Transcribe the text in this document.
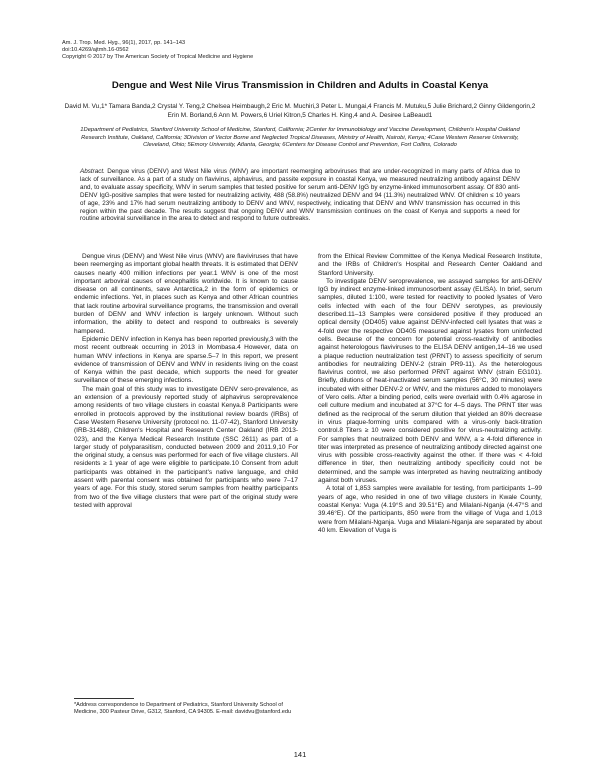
Am. J. Trop. Med. Hyg., 96(1), 2017, pp. 141–143
doi:10.4269/ajtmh.16-0562
Copyright © 2017 by The American Society of Tropical Medicine and Hygiene
Dengue and West Nile Virus Transmission in Children and Adults in Coastal Kenya
David M. Vu,1* Tamara Banda,2 Crystal Y. Teng,2 Chelsea Heimbaugh,2 Eric M. Muchiri,3 Peter L. Mungai,4 Francis M. Mutuku,5 Julie Brichard,2 Ginny Gildengorin,2 Erin M. Borland,6 Ann M. Powers,6 Uriel Kitron,5 Charles H. King,4 and A. Desiree LaBeaud1
1Department of Pediatrics, Stanford University School of Medicine, Stanford, California; 2Center for Immunobiology and Vaccine Development, Children's Hospital Oakland Research Institute, Oakland, California; 3Division of Vector Borne and Neglected Tropical Diseases, Ministry of Health, Nairobi, Kenya; 4Case Western Reserve University, Cleveland, Ohio; 5Emory University, Atlanta, Georgia; 6Centers for Disease Control and Prevention, Fort Collins, Colorado
Abstract. Dengue virus (DENV) and West Nile virus (WNV) are important reemerging arboviruses that are under-recognized in many parts of Africa due to lack of surveillance. As a part of a study on flavivirus, alphavirus, and passite exposure in coastal Kenya, we measured neutralizing antibody against DENV and, to evaluate assay specificity, WNV in serum samples that tested positive for serum anti-DENV IgG by enzyme-linked immunosorbent assay. Of 830 anti-DENV IgG-positive samples that were tested for neutralizing activity, 488 (58.8%) neutralized DENV and 94 (11.3%) neutralized WNV. Of children ≤ 10 years of age, 23% and 17% had serum neutralizing antibody to DENV and WNV, respectively, indicating that DENV and WNV transmission has occurred in this region within the past decade. The results suggest that ongoing DENV and WNV transmission continues on the coast of Kenya and supports a need for routine arboviral surveillance in the area to detect and respond to future outbreaks.

Dengue virus (DENV) and West Nile virus (WNV) are flaviviruses that have been reemerging as important global health threats. It is estimated that DENV causes nearly 400 million infections per year.1 WNV is one of the most important arboviral causes of encephalitis worldwide. It is known to cause disease on all continents, save Antarctica,2 in the form of epidemics or endemic infections. Yet, in places such as Kenya and other African countries that lack routine arboviral surveillance programs, the transmission and overall burden of DENV and WNV infection is largely unknown. Without such information, the ability to detect and respond to outbreaks is severely hampered.

Epidemic DENV infection in Kenya has been reported previously,3 with the most recent outbreak occurring in 2013 in Mombasa.4 However, data on human WNV infections in Kenya are sparse.5–7 In this report, we present evidence of transmission of DENV and WNV in residents living on the coast of Kenya within the past decade, which supports the need for greater surveillance of these emerging infections.

The main goal of this study was to investigate DENV sero-prevalence, as an extension of a previously reported study of alphavirus seroprevalence among residents of two village clusters in coastal Kenya.8 Participants were enrolled in protocols approved by the institutional review boards (IRBs) of Case Western Reserve University (protocol no. 11-07-42), Stanford University (IRB-31488), Children's Hospital and Research Center Oakland (IRB 2013-023), and the Kenya Medical Research Institute (SSC 2611) as part of a larger study of polyparasitism, conducted between 2009 and 2011.9,10 For the original study, a census was performed for each of five village clusters. All residents ≥ 1 year of age were eligible to participate.10 Consent from adult participants was obtained in the participant's native language, and child assent with parental consent was obtained for participants who were 7–17 years of age. For this study, stored serum samples from healthy participants from two of the five village clusters that were part of the original study were tested with approval

from the Ethical Review Committee of the Kenya Medical Research Institute, and the IRBs of Children's Hospital and Research Center Oakland and Stanford University.

To investigate DENV seroprevalence, we assayed samples for anti-DENV IgG by indirect enzyme-linked immunosorbent assay (ELISA). In brief, serum samples, diluted 1:100, were tested for reactivity to pooled lysates of Vero cells infected with each of the four DENV serotypes, as previously described.11–13 Samples were considered positive if they produced an optical density (OD405) value against DENV-infected cell lysates that was ≥ 4-fold over the respective OD405 measured against lysates from uninfected cells. Because of the concern for potential cross-reactivity of antibodies against heterologous flaviviruses to the ELISA DENV antigen,14–16 we used a plaque reduction neutralization test (PRNT) to assess specificity of serum antibodies for neutralizing DENV-2 (strain PR9-11). As the heterologous flavivirus control, we also performed PRNT against WNV (strain EG101). Briefly, dilutions of heat-inactivated serum samples (56°C, 30 minutes) were incubated with either DENV-2 or WNV, and the mixtures added to monolayers of Vero cells. After a binding period, cells were overlaid with 0.4% agarose in cell culture medium and incubated at 37°C for 4–5 days. The PRNT titer was defined as the reciprocal of the serum dilution that yielded an 80% decrease in virus plaque-forming units compared with a virus-only back-titration control.8 Titers ≥ 10 were considered positive for virus-neutralizing activity. For samples that neutralized both DENV and WNV, a ≥ 4-fold difference in titer was interpreted as presence of neutralizing antibody directed against one virus with possible cross-reactivity against the other. If there was < 4-fold difference in titer, then neutralizing antibody specificity could not be determined, and the sample was interpreted as having neutralizing antibody against both viruses.

A total of 1,853 samples were available for testing, from participants 1–99 years of age, who resided in one of two village clusters in Kwale County, coastal Kenya: Vuga (4.19°S and 39.51°E) and Milalani-Nganja (4.47°S and 39.46°E). Of the participants, 850 were from the village of Vuga and 1,013 were from Milalani-Nganja. Vuga and Milalani-Nganja are separated by about 40 km. Elevation of Vuga is

*Address correspondence to Department of Pediatrics, Stanford University School of Medicine, 300 Pasteur Drive, G312, Stanford, CA 94305. E-mail: davidvu@stanford.edu
141
